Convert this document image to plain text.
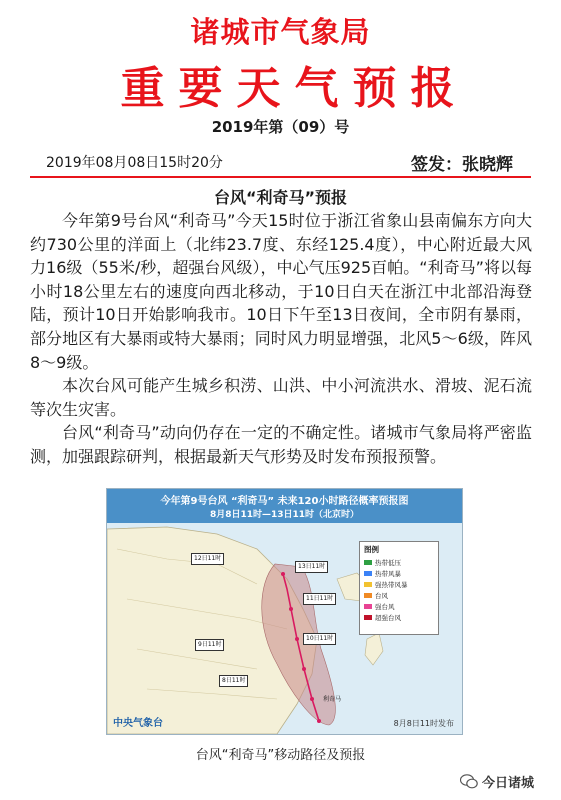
诸城市气象局
重要天气预报
2019年第（09）号
2019年08月08日15时20分	签发：张晓辉
台风“利奇马”预报

今年第9号台风“利奇马”今天15时位于浙江省象山县南偏东方向大约730公里的洋面上（北纬23.7度、东经125.4度），中心附近最大风力16级（55米/秒，超强台风级），中心气压925百帕。“利奇马”将以每小时18公里左右的速度向西北移动，于10日白天在浙江中北部沿海登陆，预计10日开始影响我市。10日下午至13日夜间，全市阴有暴雨，部分地区有大暴雨或特大暴雨；同时风力明显增强，北风5～6级，阵风8～9级。

本次台风可能产生城乡积涝、山洪、中小河流洪水、滑坡、泥石流等次生灾害。

台风“利奇马”动向仍存在一定的不确定性。诸城市气象局将严密监测，加强跟踪研判，根据最新天气形势及时发布预报预警。

今年第9号台风 “利奇马” 未来120小时路径概率预报图
8月8日11时—13日11时（北京时）
13日11时
12日11时
11日11时
10日11时
9日11时
8日11时
利奇马
图例
热带低压
热带风暴
强热带风暴
台风
强台风
超强台风
中央气象台	8月8日11时发布
台风“利奇马”移动路径及预报
今日诸城
